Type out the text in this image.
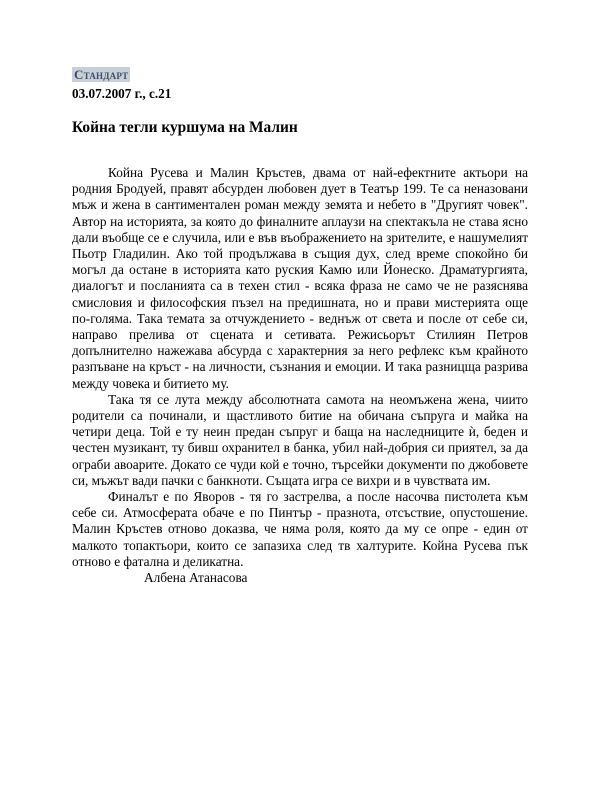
Стандарт
03.07.2007 г., с.21
Койна тегли куршума на Малин

Койна Русева и Малин Кръстев, двама от най-ефектните актьори на родния Бродуей, правят абсурден любовен дует в Театър 199. Те са неназовани мъж и жена в сантиментален роман между земята и небето в "Другият човек". Автор на историята, за която до финалните аплаузи на спектакъла не става ясно дали въобще се е случила, или е във въображението на зрителите, е нашумелият Пьотр Гладилин. Ако той продължава в същия дух, след време спокойно би могъл да остане в историята като руския Камю или Йонеско. Драматургията, диалогът и посланията са в техен стил - всяка фраза не само че не разяснява смисловия и философския пъзел на предишната, но и прави мистерията още по-голяма. Така темата за отчуждението - веднъж от света и после от себе си, направо прелива от сцената и сетивата. Режисьорът Стилиян Петров допълнително нажежава абсурда с характерния за него рефлекс към крайното разпъване на кръст - на личности, съзнания и емоции. И така разницща разрива между човека и битието му.

Така тя се лута между абсолютната самота на неомъжена жена, чиито родители са починали, и щастливото битие на обичана съпруга и майка на четири деца. Той е ту неин предан съпруг и баща на наследниците ѝ, беден и честен музикант, ту бивш охранител в банка, убил най-добрия си приятел, за да ограби авоарите. Докато се чуди кой е точно, търсейки документи по джобовете си, мъжът вади пачки с банкноти. Същата игра се вихри и в чувствата им.

Финалът е по Яворов - тя го застрелва, а после насочва пистолета към себе си. Атмосферата обаче е по Пинтър - празнота, отсъствие, опустошение. Малин Кръстев отново доказва, че няма роля, която да му се опре - един от малкото топактьори, които се запазиха след тв халтурите. Койна Русева пък отново е фатална и деликатна.

Албена Атанасова
